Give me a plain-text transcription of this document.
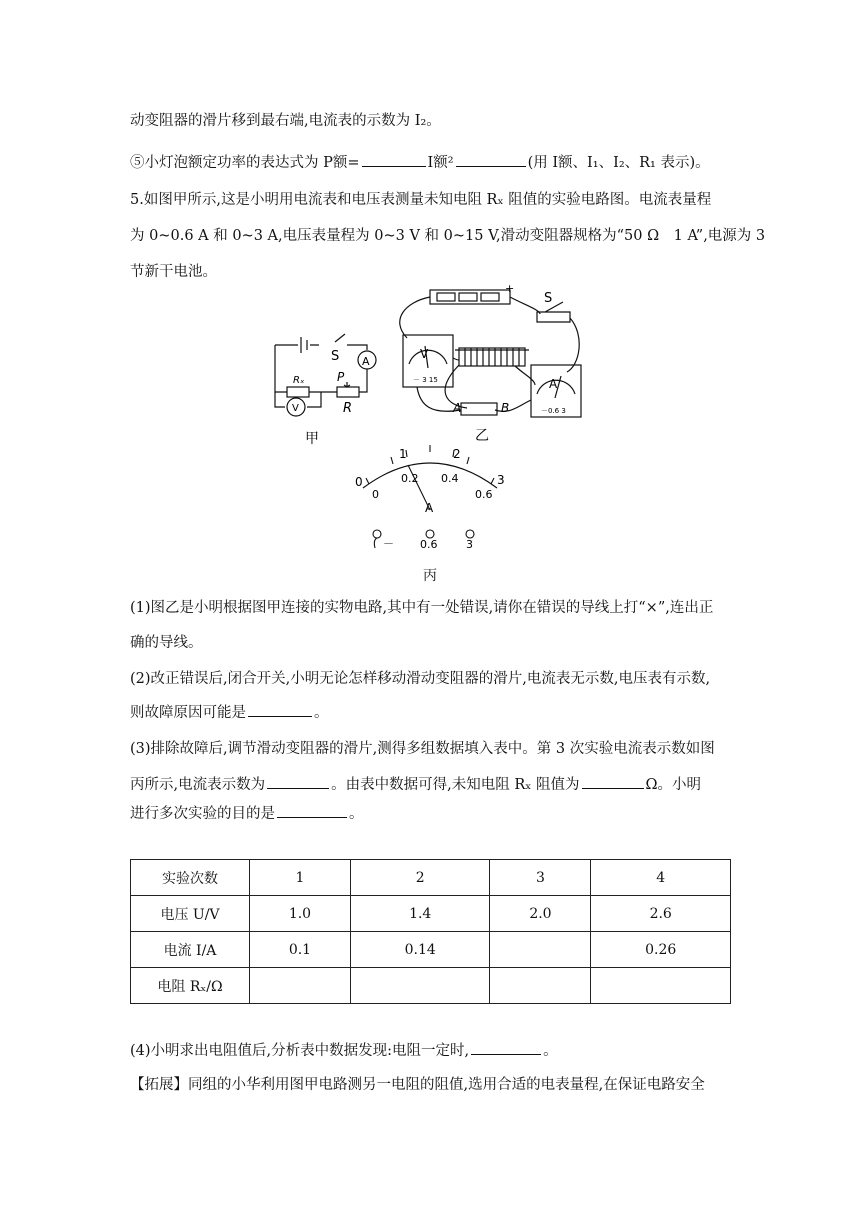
动变阻器的滑片移到最右端,电流表的示数为 I₂。
⑤小灯泡额定功率的表达式为 P额=	I额²	(用 I额、I₁、I₂、R₁ 表示)。
5.如图甲所示,这是小明用电流表和电压表测量未知电阻 Rₓ 阻值的实验电路图。电流表量程
为 0~0.6 A 和 0~3 A,电压表量程为 0~3 V 和 0~15 V,滑动变阻器规格为“50 Ω　1 A”,电源为 3
节新干电池。
S A
V
Rₓ	P
R
甲
+
S
V
－ 3 15	A
－0.6 3
A	B
乙
0
1	2
3
0
0.2 0.4
0.6
A
－ 0.6	3
丙
(1)图乙是小明根据图甲连接的实物电路,其中有一处错误,请你在错误的导线上打“×”,连出正
确的导线。
(2)改正错误后,闭合开关,小明无论怎样移动滑动变阻器的滑片,电流表无示数,电压表有示数,
则故障原因可能是	。
(3)排除故障后,调节滑动变阻器的滑片,测得多组数据填入表中。第 3 次实验电流表示数如图
丙所示,电流表示数为	。由表中数据可得,未知电阻 Rₓ 阻值为	Ω。小明
进行多次实验的目的是	。
实验次数	1	2	3	4
电压 U/V	1.0	1.4	2.0	2.6
电流 I/A	0.1	0.14		0.26
电阻 Rₓ/Ω				
(4)小明求出电阻值后,分析表中数据发现:电阻一定时,	。
【拓展】同组的小华利用图甲电路测另一电阻的阻值,选用合适的电表量程,在保证电路安全
